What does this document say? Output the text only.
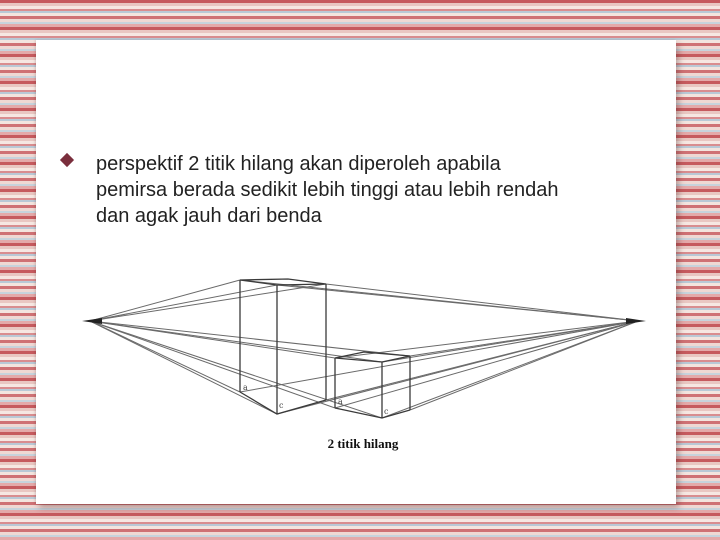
perspektif 2 titik hilang akan diperoleh apabila
pemirsa berada sedikit lebih tinggi atau lebih rendah
dan agak jauh dari benda
a
c	a
c
2 titik hilang
